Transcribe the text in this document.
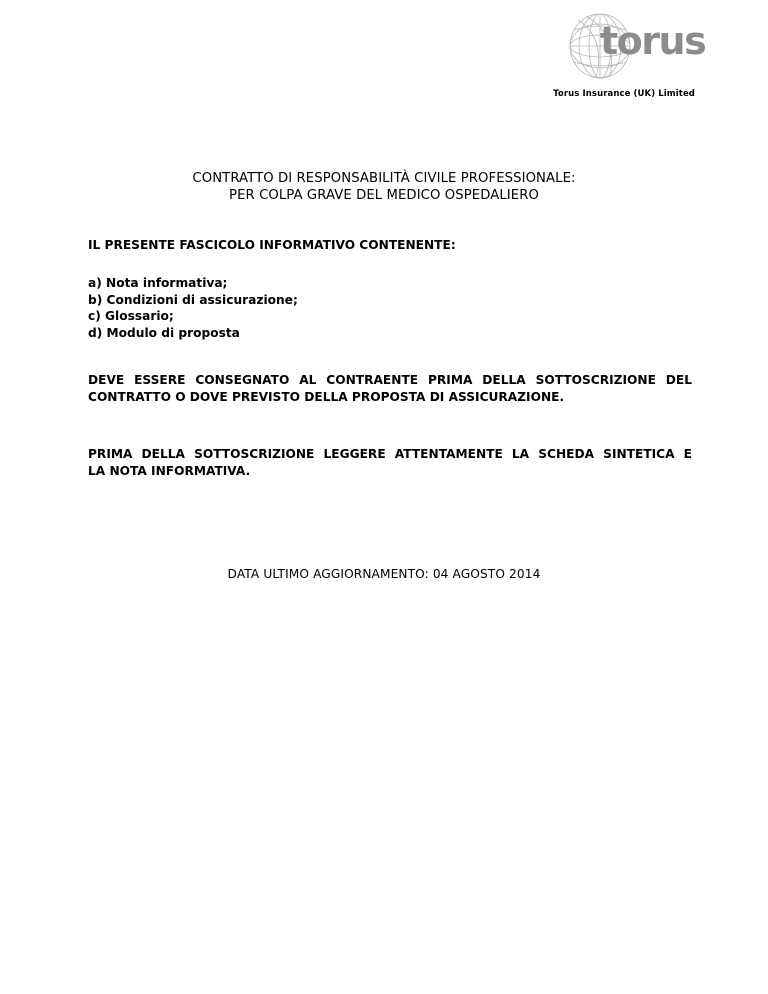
torus
Torus Insurance (UK) Limited
CONTRATTO DI RESPONSABILITÀ CIVILE PROFESSIONALE:
PER COLPA GRAVE DEL MEDICO OSPEDALIERO
IL PRESENTE FASCICOLO INFORMATIVO CONTENENTE:
a) Nota informativa;
b) Condizioni di assicurazione;
c) Glossario;
d) Modulo di proposta
DEVE ESSERE CONSEGNATO AL CONTRAENTE PRIMA DELLA SOTTOSCRIZIONE DEL
CONTRATTO O DOVE PREVISTO DELLA PROPOSTA DI ASSICURAZIONE.
PRIMA DELLA SOTTOSCRIZIONE LEGGERE ATTENTAMENTE LA SCHEDA SINTETICA E
LA NOTA INFORMATIVA.
DATA ULTIMO AGGIORNAMENTO: 04 AGOSTO 2014
